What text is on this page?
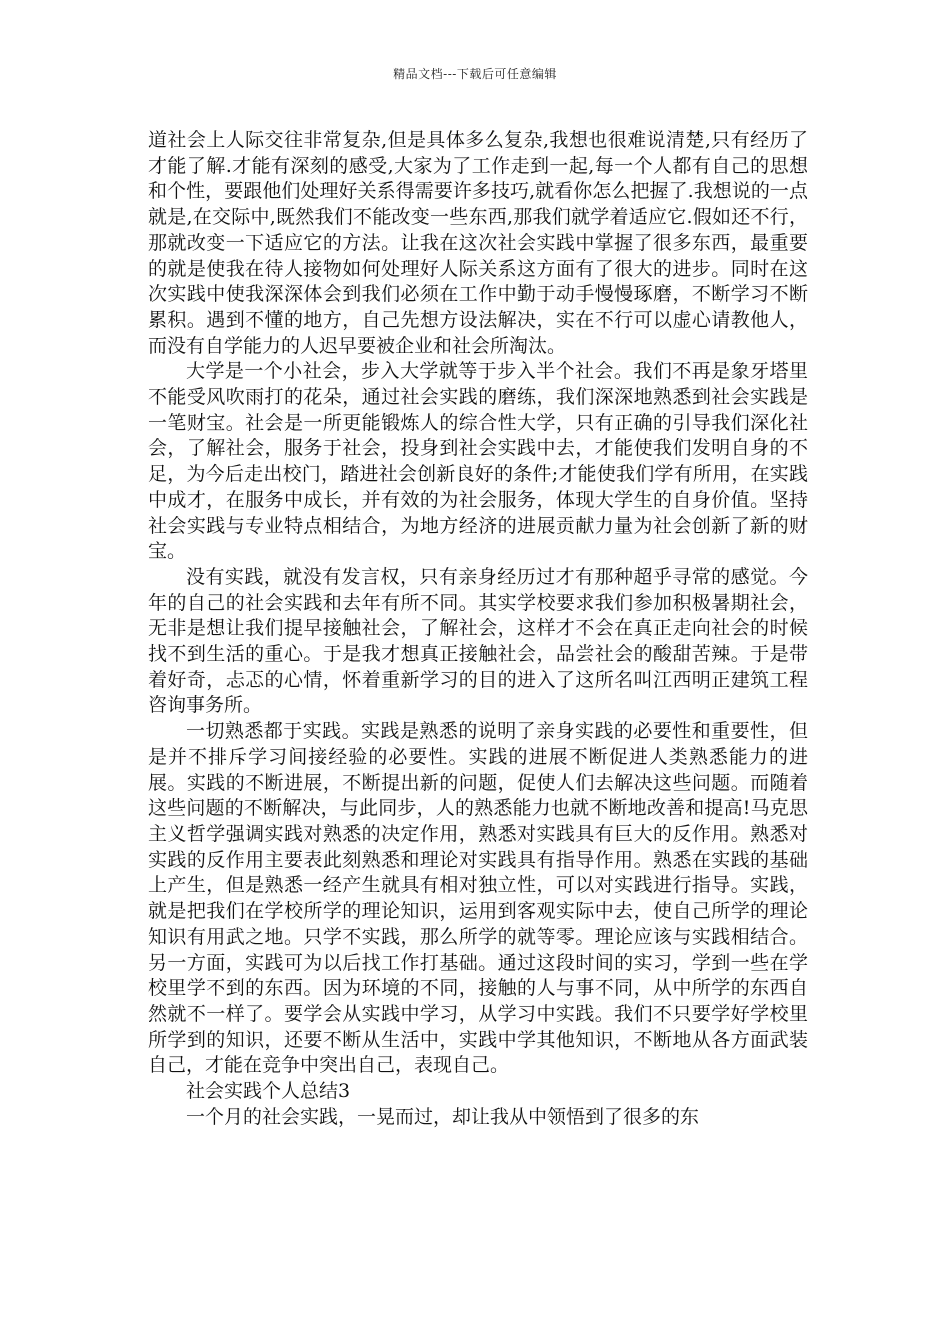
精品文档---下载后可任意编辑

道社会上人际交往非常复杂,但是具体多么复杂,我想也很难说清楚,只有经历了才能了解.才能有深刻的感受,大家为了工作走到一起,每一个人都有自己的思想和个性，要跟他们处理好关系得需要许多技巧,就看你怎么把握了.我想说的一点就是,在交际中,既然我们不能改变一些东西,那我们就学着适应它.假如还不行，那就改变一下适应它的方法。让我在这次社会实践中掌握了很多东西，最重要的就是使我在待人接物如何处理好人际关系这方面有了很大的进步。同时在这次实践中使我深深体会到我们必须在工作中勤于动手慢慢琢磨，不断学习不断累积。遇到不懂的地方，自己先想方设法解决，实在不行可以虚心请教他人，而没有自学能力的人迟早要被企业和社会所淘汰。

大学是一个小社会，步入大学就等于步入半个社会。我们不再是象牙塔里不能受风吹雨打的花朵，通过社会实践的磨练，我们深深地熟悉到社会实践是一笔财宝。社会是一所更能锻炼人的综合性大学，只有正确的引导我们深化社会，了解社会，服务于社会，投身到社会实践中去，才能使我们发明自身的不足，为今后走出校门，踏进社会创新良好的条件;才能使我们学有所用，在实践中成才，在服务中成长，并有效的为社会服务，体现大学生的自身价值。坚持社会实践与专业特点相结合，为地方经济的进展贡献力量为社会创新了新的财宝。

没有实践，就没有发言权，只有亲身经历过才有那种超乎寻常的感觉。今年的自己的社会实践和去年有所不同。其实学校要求我们参加积极暑期社会，无非是想让我们提早接触社会，了解社会，这样才不会在真正走向社会的时候找不到生活的重心。于是我才想真正接触社会，品尝社会的酸甜苦辣。于是带着好奇，忐忑的心情，怀着重新学习的目的进入了这所名叫江西明正建筑工程咨询事务所。

一切熟悉都于实践。实践是熟悉的说明了亲身实践的必要性和重要性，但是并不排斥学习间接经验的必要性。实践的进展不断促进人类熟悉能力的进展。实践的不断进展，不断提出新的问题，促使人们去解决这些问题。而随着这些问题的不断解决，与此同步，人的熟悉能力也就不断地改善和提高!马克思主义哲学强调实践对熟悉的决定作用，熟悉对实践具有巨大的反作用。熟悉对实践的反作用主要表此刻熟悉和理论对实践具有指导作用。熟悉在实践的基础上产生，但是熟悉一经产生就具有相对独立性，可以对实践进行指导。实践，就是把我们在学校所学的理论知识，运用到客观实际中去，使自己所学的理论知识有用武之地。只学不实践，那么所学的就等零。理论应该与实践相结合。另一方面，实践可为以后找工作打基础。通过这段时间的实习，学到一些在学校里学不到的东西。因为环境的不同，接触的人与事不同，从中所学的东西自然就不一样了。要学会从实践中学习，从学习中实践。我们不只要学好学校里所学到的知识，还要不断从生活中，实践中学其他知识，不断地从各方面武装自己，才能在竞争中突出自己，表现自己。

社会实践个人总结3

一个月的社会实践，一晃而过，却让我从中领悟到了很多的东
